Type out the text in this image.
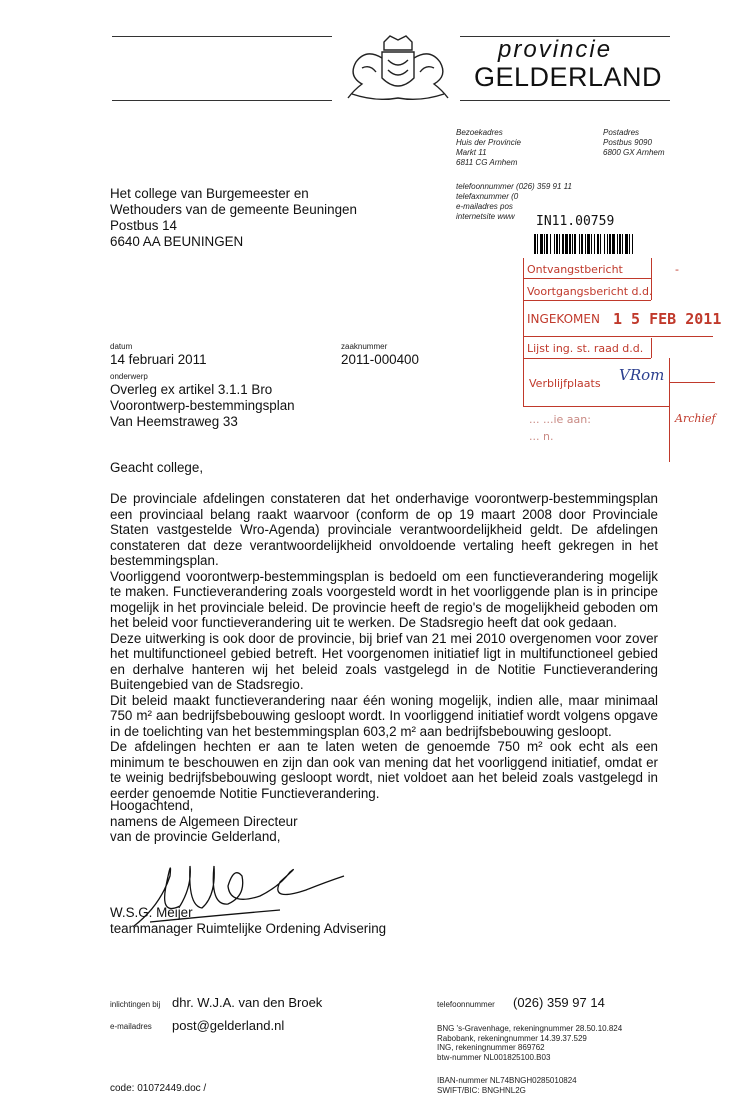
provincie
GELDERLAND
Bezoekadres
Huis der Provincie
Markt 11
6811 CG Arnhem
Postadres
Postbus 9090
6800 GX Arnhem
telefoonnummer (026) 359 91 11
telefaxnummer (0
e-mailadres pos
internetsite www
Het college van Burgemeester en
Wethouders van de gemeente Beuningen
Postbus 14
6640 AA BEUNINGEN
IN11.00759
Ontvangstbericht	-
Voortgangsbericht d.d.
INGEKOMEN 1 5 FEB 2011
Lijst ing. st. raad d.d.
Verblijfplaats VRom
... ...ie aan:	Archief
... n.
datum
14 februari 2011
zaaknummer
2011-000400
onderwerp
Overleg ex artikel 3.1.1 Bro
Voorontwerp-bestemmingsplan
Van Heemstraweg 33
Geacht college,

De provinciale afdelingen constateren dat het onderhavige voorontwerp-bestemmingsplan een provinciaal belang raakt waarvoor (conform de op 19 maart 2008 door Provinciale Staten vastgestelde Wro-Agenda) provinciale verantwoordelijkheid geldt. De afdelingen constateren dat deze verantwoordelijkheid onvoldoende vertaling heeft gekregen in het bestemmingsplan.

Voorliggend voorontwerp-bestemmingsplan is bedoeld om een functieverandering mogelijk te maken. Functieverandering zoals voorgesteld wordt in het voorliggende plan is in principe mogelijk in het provinciale beleid. De provincie heeft de regio's de mogelijkheid geboden om het beleid voor functieverandering uit te werken. De Stadsregio heeft dat ook gedaan.

Deze uitwerking is ook door de provincie, bij brief van 21 mei 2010 overgenomen voor zover het multifunctioneel gebied betreft. Het voorgenomen initiatief ligt in multifunctioneel gebied en derhalve hanteren wij het beleid zoals vastgelegd in de Notitie Functieverandering Buitengebied van de Stadsregio.

Dit beleid maakt functieverandering naar één woning mogelijk, indien alle, maar minimaal 750 m² aan bedrijfsbebouwing gesloopt wordt. In voorliggend initiatief wordt volgens opgave in de toelichting van het bestemmingsplan 603,2 m² aan bedrijfsbebouwing gesloopt.

De afdelingen hechten er aan te laten weten de genoemde 750 m² ook echt als een minimum te beschouwen en zijn dan ook van mening dat het voorliggend initiatief, omdat er te weinig bedrijfsbebouwing gesloopt wordt, niet voldoet aan het beleid zoals vastgelegd in eerder genoemde Notitie Functieverandering.

Hoogachtend,
namens de Algemeen Directeur
van de provincie Gelderland,
W.S.G. Meijer
teammanager Ruimtelijke Ordening Advisering
inlichtingen bij dhr. W.J.A. van den Broek
e-mailadres post@gelderland.nl
telefoonnummer (026) 359 97 14
BNG 's-Gravenhage, rekeningnummer 28.50.10.824
Rabobank, rekeningnummer 14.39.37.529
ING, rekeningnummer 869762
btw-nummer NL001825100.B03
IBAN-nummer NL74BNGH0285010824
SWIFT/BIC: BNGHNL2G
code: 01072449.doc /
